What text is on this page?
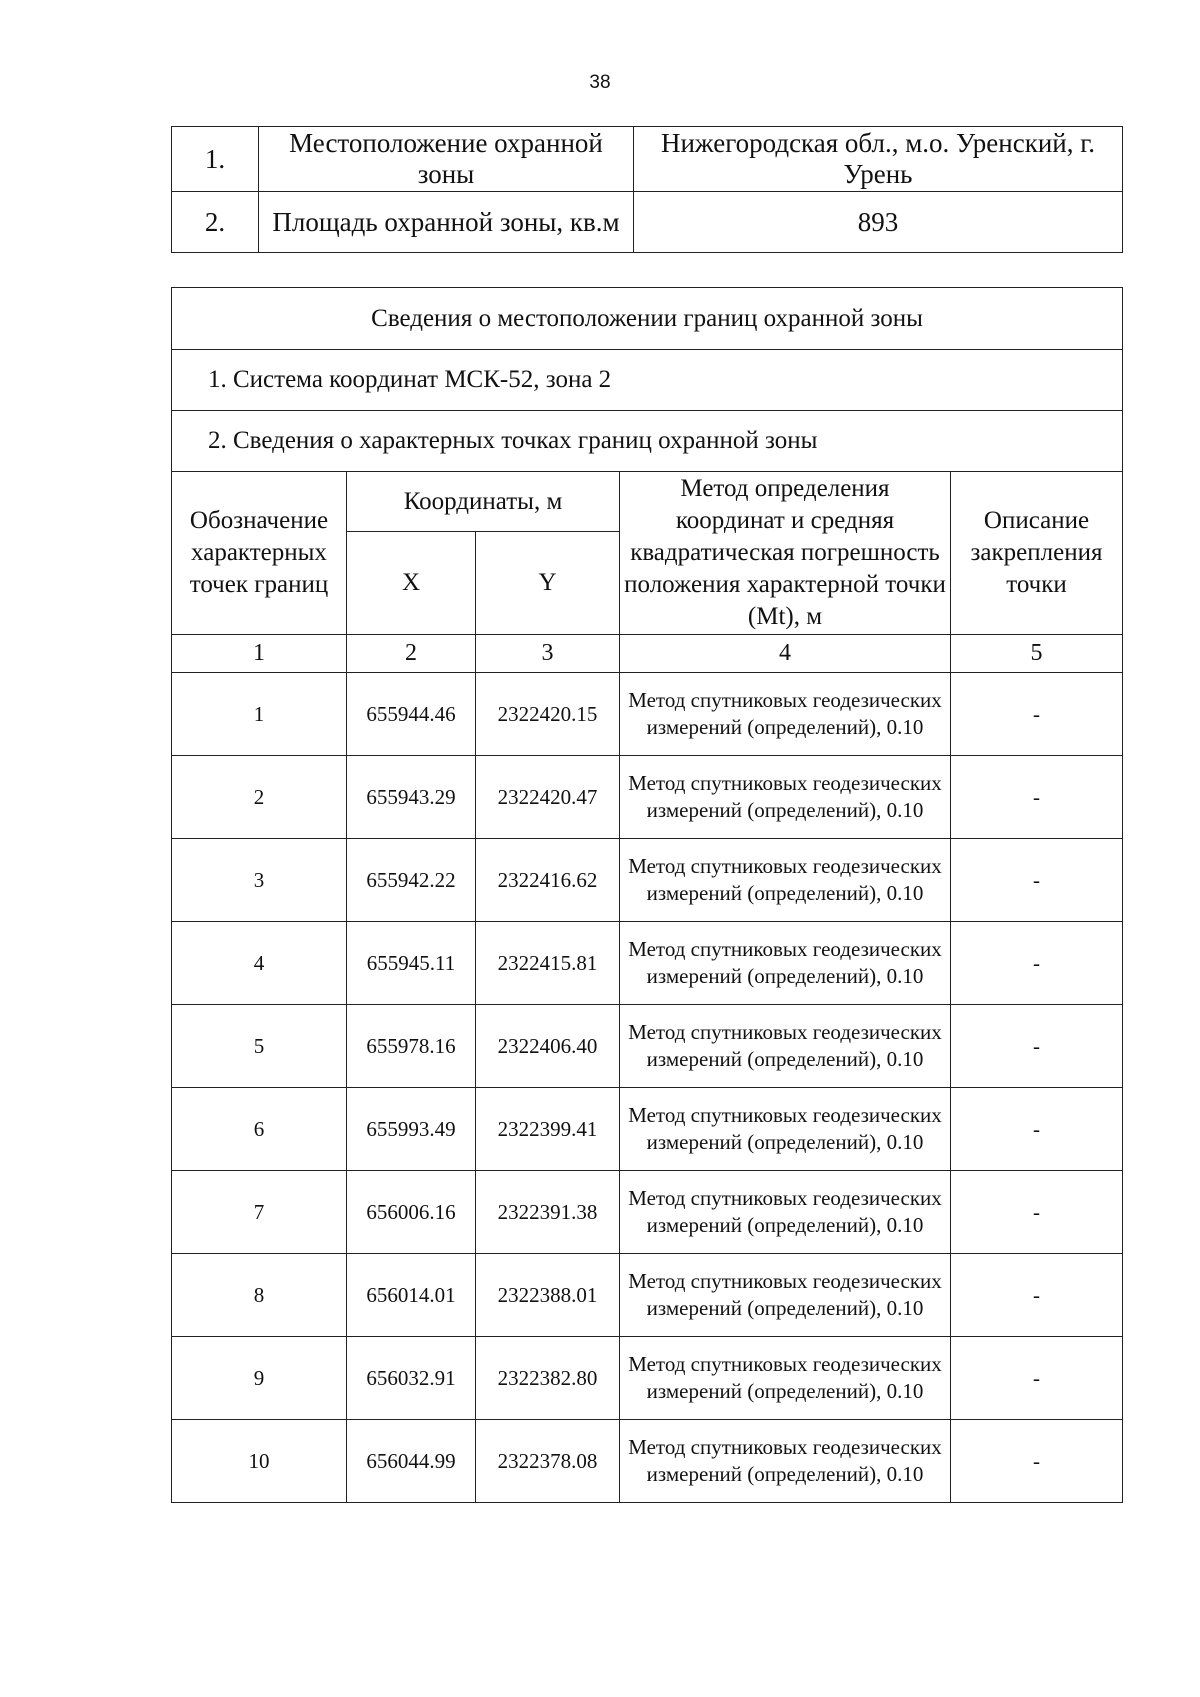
38
1.	Местоположение охранной зоны	Нижегородская обл., м.о. Уренский, г. Урень
2.	Площадь охранной зоны, кв.м	893
Сведения о местоположении границ охранной зоны				
1. Система координат МСК-52, зона 2				
2. Сведения о характерных точках границ охранной зоны				
Обозначение характерных точек границ	Координаты, м		Метод определения координат и средняя квадратическая погрешность положения характерной точки (Mt), м	Описание закрепления точки
	X	Y		
1	2	3	4	5
1	655944.46	2322420.15	Метод спутниковых геодезических измерений (определений), 0.10	-
2	655943.29	2322420.47	Метод спутниковых геодезических измерений (определений), 0.10	-
3	655942.22	2322416.62	Метод спутниковых геодезических измерений (определений), 0.10	-
4	655945.11	2322415.81	Метод спутниковых геодезических измерений (определений), 0.10	-
5	655978.16	2322406.40	Метод спутниковых геодезических измерений (определений), 0.10	-
6	655993.49	2322399.41	Метод спутниковых геодезических измерений (определений), 0.10	-
7	656006.16	2322391.38	Метод спутниковых геодезических измерений (определений), 0.10	-
8	656014.01	2322388.01	Метод спутниковых геодезических измерений (определений), 0.10	-
9	656032.91	2322382.80	Метод спутниковых геодезических измерений (определений), 0.10	-
10	656044.99	2322378.08	Метод спутниковых геодезических измерений (определений), 0.10	-
